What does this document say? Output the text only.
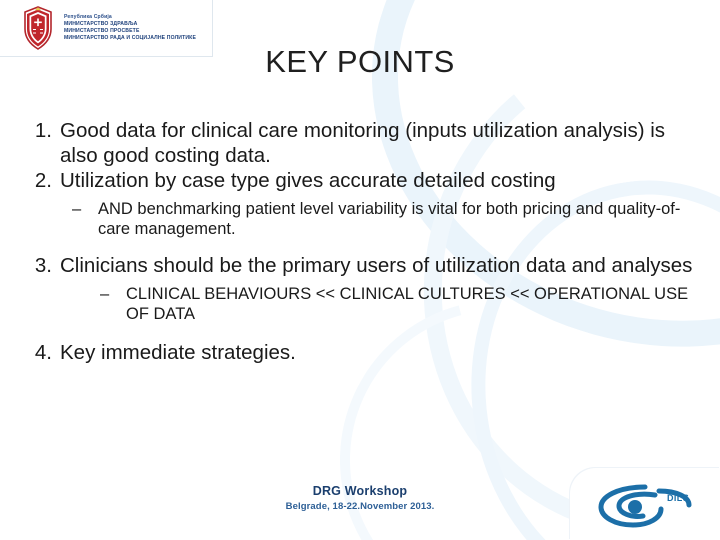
Република Србија
МИНИСТАРСТВО ЗДРАВЉА
МИНИСТАРСТВО ПРОСВЕТЕ
МИНИСТАРСТВО РАДА И СОЦИЈАЛНЕ ПОЛИТИКЕ
KEY POINTS
1. Good data for clinical care monitoring (inputs utilization analysis) is also good costing data.
2. Utilization by case type gives accurate detailed costing
– AND benchmarking patient level variability is vital for both pricing and quality-of-care management.
3. Clinicians should be the primary users of utilization data and analyses
– CLINICAL BEHAVIOURS << CLINICAL CULTURES << OPERATIONAL USE OF DATA
4. Key immediate strategies.
DRG Workshop
Belgrade, 18-22.November 2013.
DILS
